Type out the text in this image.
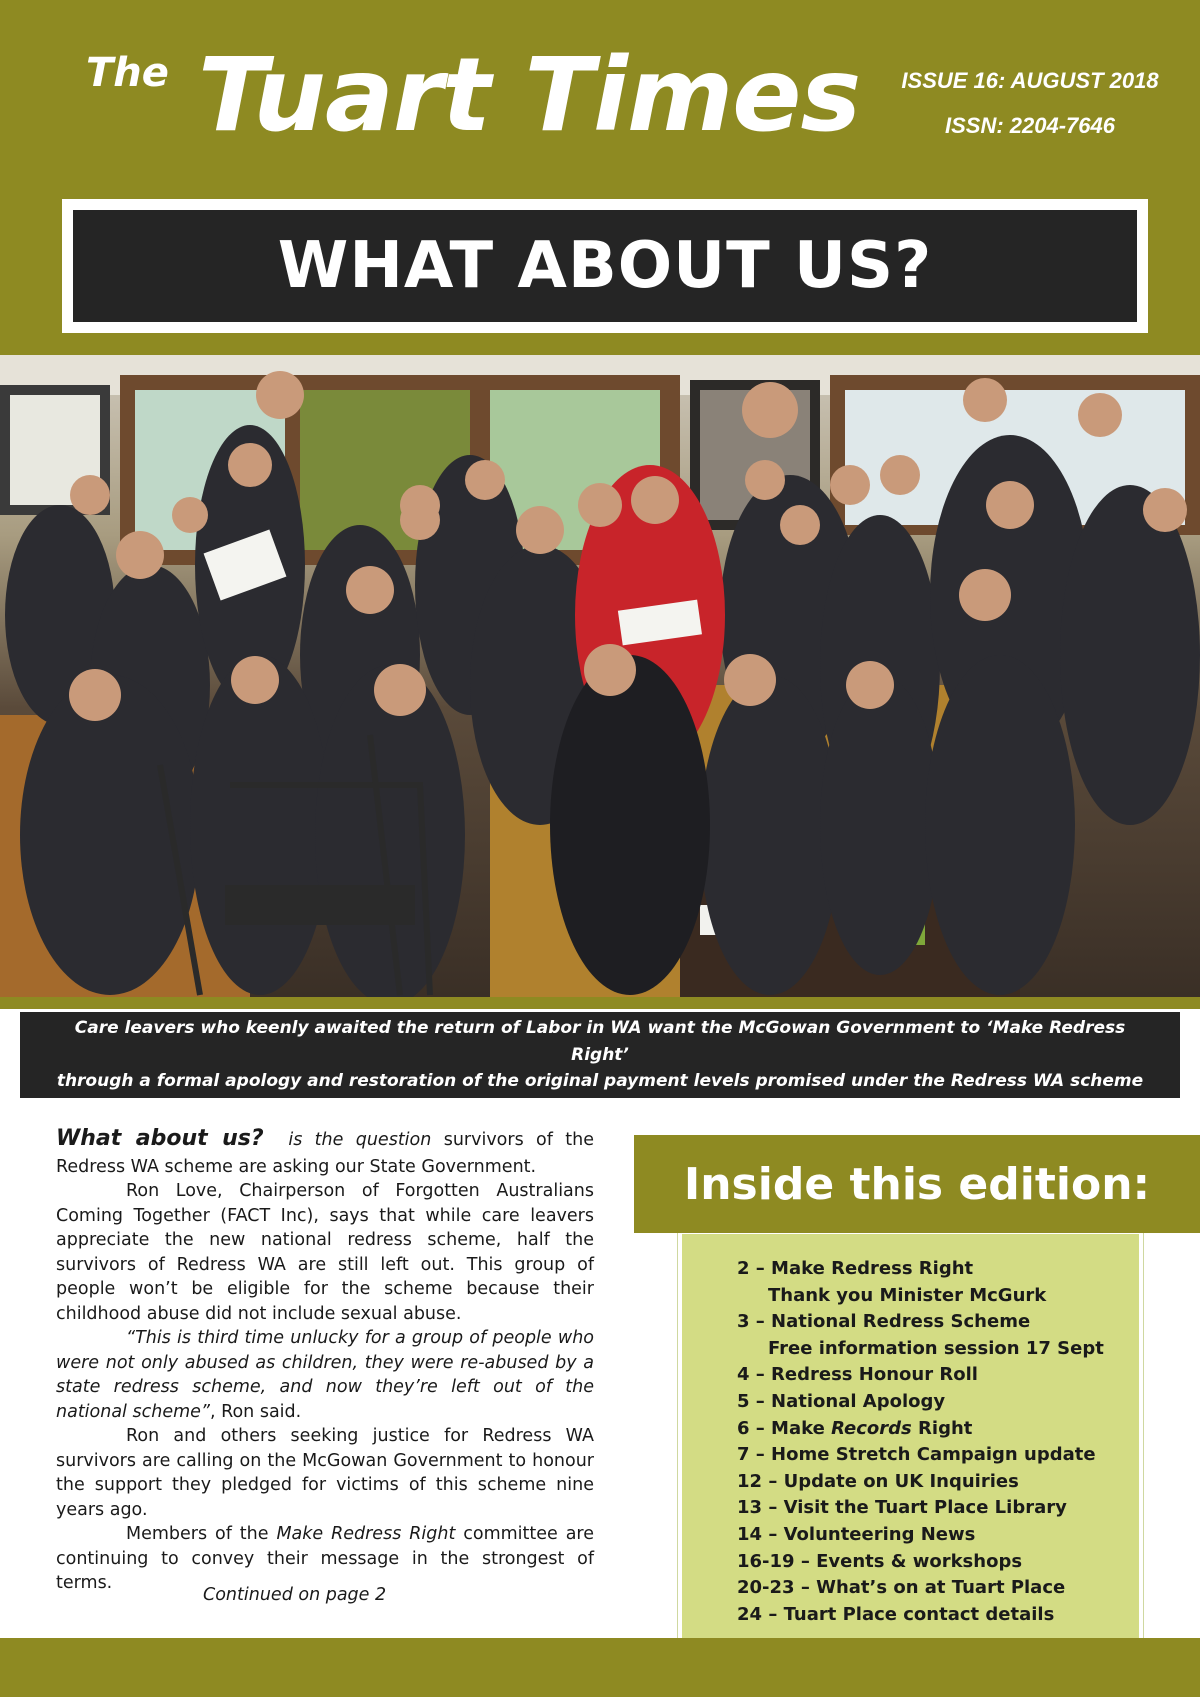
The Tuart Times	ISSUE 16: AUGUST 2018
ISSN: 2204-7646
WHAT ABOUT US?
Care leavers who keenly awaited the return of Labor in WA want the McGowan Government to ‘Make Redress Right’
through a formal apology and restoration of the original payment levels promised under the Redress WA scheme

What about us? is the question survivors of the Redress WA scheme are asking our State Government.

Ron Love, Chairperson of Forgotten Australians Coming Together (FACT Inc), says that while care leavers appreciate the new national redress scheme, half the survivors of Redress WA are still left out. This group of people won’t be eligible for the scheme because their childhood abuse did not include sexual abuse.

“This is third time unlucky for a group of people who were not only abused as children, they were re-abused by a state redress scheme, and now they’re left out of the national scheme”, Ron said.

Ron and others seeking justice for Redress WA survivors are calling on the McGowan Government to honour the support they pledged for victims of this scheme nine years ago.

Members of the Make Redress Right committee are continuing to convey their message in the strongest of terms.

Continued on page 2
Inside this edition:
2 – Make Redress Right
Thank you Minister McGurk
3 – National Redress Scheme
Free information session 17 Sept
4 – Redress Honour Roll
5 – National Apology
6 – Make Records Right
7 – Home Stretch Campaign update
12 – Update on UK Inquiries
13 – Visit the Tuart Place Library
14 – Volunteering News
16-19 – Events & workshops
20-23 – What’s on at Tuart Place
24 – Tuart Place contact details
